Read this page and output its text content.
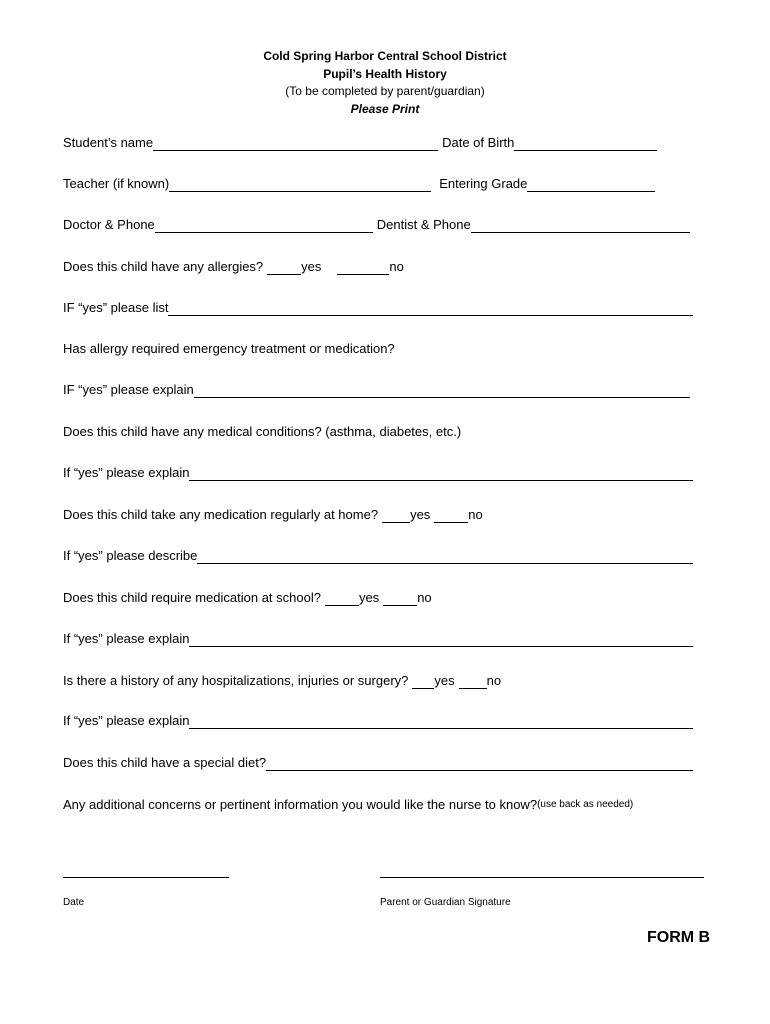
Cold Spring Harbor Central School District
Pupil’s Health History
(To be completed by parent/guardian)
Please Print
Student’s name	Date of Birth
Teacher (if known)	Entering Grade
Doctor & Phone	Dentist & Phone
Does this child have any allergies?	yes	no
IF “yes” please list
Has allergy required emergency treatment or medication?
IF “yes” please explain
Does this child have any medical conditions? (asthma, diabetes, etc.)
If “yes” please explain
Does this child take any medication regularly at home? yes	no
If “yes” please describe
Does this child require medication at school?	yes	no
If “yes” please explain
Is there a history of any hospitalizations, injuries or surgery? yes no
If “yes” please explain
Does this child have a special diet?
Any additional concerns or pertinent information you would like the nurse to know? (use back as needed)
Date	Parent or Guardian Signature
FORM B
